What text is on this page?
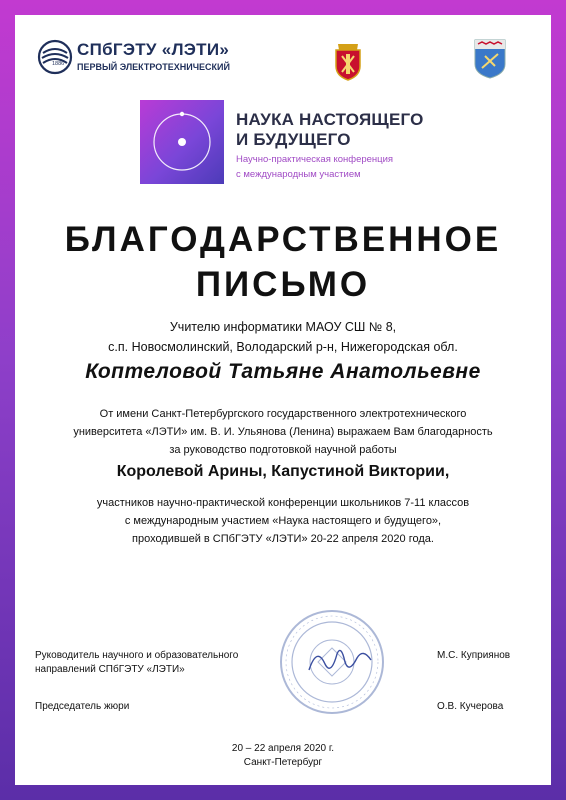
1886
СПбГЭТУ «ЛЭТИ»
ПЕРВЫЙ ЭЛЕКТРОТЕХНИЧЕСКИЙ
НАУКА НАСТОЯЩЕГО
И БУДУЩЕГО
Научно-практическая конференция
с международным участием
БЛАГОДАРСТВЕННОЕ
ПИСЬМО
Учителю информатики МАОУ СШ № 8,
с.п. Новосмолинский, Володарский р-н, Нижегородская обл.
Коптеловой Татьяне Анатольевне
От имени Санкт-Петербургского государственного электротехнического
университета «ЛЭТИ» им. В. И. Ульянова (Ленина) выражаем Вам благодарность
за руководство подготовкой научной работы
Королевой Арины, Капустиной Виктории,
участников научно-практической конференции школьников 7-11 классов
с международным участием «Наука настоящего и будущего»,
проходившей в СПбГЭТУ «ЛЭТИ» 20-22 апреля 2020 года.
Руководитель научного и образовательного
направлений СПбГЭТУ «ЛЭТИ»
М.С. Куприянов
Председатель жюри	О.В. Кучерова
20 – 22 апреля 2020 г.
Санкт-Петербург
